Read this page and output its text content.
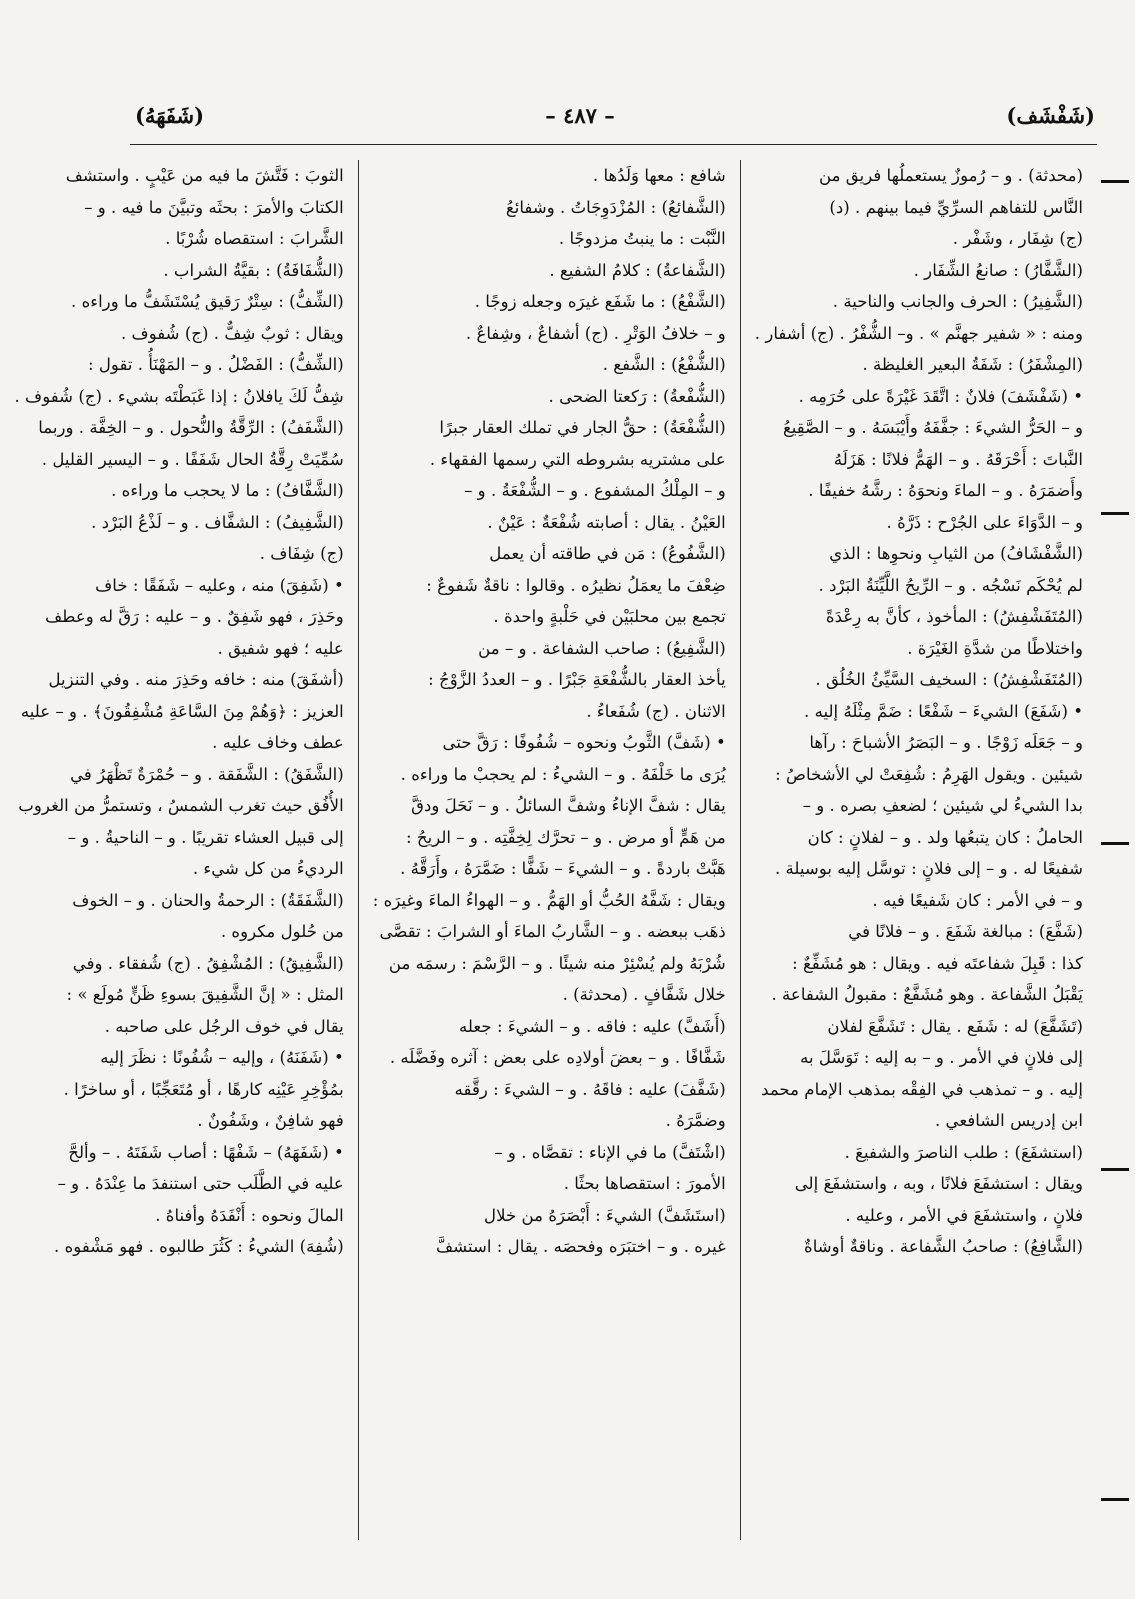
(شَفْشَف)
– ٤٨٧ –
(شَفَهَهُ)
(محدثة) . و – رُموزٌ يستعملُها فريق من
النَّاس للتفاهم السرِّيِّ فيما بينهم . (د)
(ج) شِفَار ، وشَفْر .
(الشَّفَّارُ) : صانعُ الشِّفَار .
(الشَّفِيرُ) : الحرف والجانب والناحية .
ومنه : « شفير جهنَّم » . و– الشُّفْرُ . (ج) أشفار .
(المِشْفَرُ) : شَفَةُ البعير الغليظة .
• (شَفْشَفَ) فلانٌ : اتَّقَدَ غَيْرَةً على حُرَمِه .
و – الحَرُّ الشيءَ : جفَّفَهُ وأَيْبَسَهُ . و – الصَّقِيعُ
النَّباتَ : أَحْرَقَهُ . و – الهَمُّ فلانًا : هَزَلَهُ
وأَضمَرَهُ . و – الماءَ ونحوَهُ : رشَّهُ خفيفًا .
و – الدَّوَاءَ على الجُرْح : ذَرَّهُ .
(الشَّفْشَافُ) من الثيابِ ونحوِها : الذي
لم يُحْكَم نَسْجُه . و – الرِّيحُ اللَّيِّنَةُ البَرْد .
(المُتَفَشْفِشُ) : المأخوذ ، كأنَّ به رِعْدَةً
واختلاطًا من شدَّةِ الغَيْرَة .
(المُتَفَشْفِشُ) : السخيف السَّيِّئُ الخُلُق .
• (شَفَعَ) الشيءَ – شَفْعًا : ضَمَّ مِثْلَهُ إليه .
و – جَعَلَه زَوْجًا . و – البَصَرُ الأشباحَ : رآها
شيئين . ويقول الهَرِمُ : شُفِعَتْ لي الأشخاصُ :
بدا الشيءُ لي شيئين ؛ لضعفِ بصره . و –
الحاملُ : كان يتبعُها ولد . و – لفلانٍ : كان
شفيعًا له . و – إلى فلانٍ : توسَّل إليه بوسيلة .
و – في الأمر : كان شَفيعًا فيه .
(شَفَّعَ) : مبالغة شَفَعَ . و – فلانًا في
كذا : قَبِلَ شفاعتَه فيه . ويقال : هو مُشَفِّعٌ :
يَقْبَلُ الشَّفاعة . وهو مُشَفَّعٌ : مقبولُ الشفاعة .
(تَشَفَّعَ) له : شَفَع . يقال : تَشَفَّعَ لفلان
إلى فلانٍ في الأمر . و – به إليه : تَوَسَّلَ به
إليه . و – تمذهب في الفِقْه بمذهب الإمام محمد
ابن إدريس الشافعي .
(استشفَعَ) : طلب الناصرَ والشفيعَ .
ويقال : استشفَعَ فلانًا ، وبه ، واستشفَعَ إلى
فلانٍ ، واستشفَعَ في الأمر ، وعليه .
(الشَّافِعُ) : صاحبُ الشَّفاعة . وناقةٌ أوشاةٌ
شافع : معها وَلَدُها .
(الشَّفائعُ) : المُزْدَوِجَاتُ . وشفائعُ
النَّبْت : ما ينبتُ مزدوجًا .
(الشَّفاعةُ) : كلامُ الشفيع .
(الشَّفْعُ) : ما شَفَع غيرَه وجعله زوجًا .
و – خلافُ الوَتْرِ . (ج) أشفاعٌ ، وشِفاعٌ .
(الشُّفْعُ) : الشَّفع .
(الشُّفْعةُ) : رَكعتا الضحى .
(الشُّفْعَةُ) : حقُّ الجار في تملك العقار جبرًا
على مشتريه بشروطه التي رسمها الفقهاء .
و – المِلْكُ المشفوع . و – الشُّفْعَةُ . و –
العَيْنُ . يقال : أصابته شُفْعَةٌ : عَيْنٌ .
(الشَّفُوعُ) : مَن في طاقته أن يعمل
ضِعْفَ ما يعمَلُ نظيرُه . وقالوا : ناقةٌ شَفوعٌ :
تجمع بين محلبَيْن في حَلْبةٍ واحدة .
(الشَّفِيعُ) : صاحب الشفاعة . و – من
يأخذ العقار بالشُّفْعَةِ جَبْرًا . و – العددُ الزَّوْجُ :
الاثنان . (ج) شُفَعاءُ .
• (شَفَّ) الثَّوبُ ونحوه – شُفُوفًا : رَقَّ حتى
يُرَى ما خَلْفَهُ . و – الشيءُ : لم يحجبْ ما وراءه .
يقال : شفَّ الإناءُ وشفَّ السائلُ . و – نَحَلَ ودقَّ
من هَمٍّ أو مرض . و – تحرَّك لِخِفَّتِه . و – الريحُ :
هَبَّتْ باردةً . و – الشيءَ – شَفًّا : ضَمَّرَهُ ، وأَرَقَّهُ .
ويقال : شَفَّهُ الحُبُّ أو الهَمُّ . و – الهواءُ الماءَ وغيرَه :
ذهَب ببعضه . و – الشَّاربُ الماءَ أو الشرابَ : تقصَّى
شُرْبَهُ ولم يُسْئِرْ منه شيئًا . و – الرَّسْمَ : رسمَه من
خلال شَفَّافٍ . (محدثة) .
(أَشَفَّ) عليه : فاقه . و – الشيءَ : جعله
شَفَّافًا . و – بعضَ أولادِه على بعض : آثره وفَضَّلَه .
(شَفَّفَ) عليه : فاقَهُ . و – الشيءَ : رقَّقه
وضمَّرَهُ .
(اشْتَفَّ) ما في الإناء : تقصَّاه . و –
الأمورَ : استقصاها بحثًا .
(استَشَفَّ) الشيءَ : أَبْصَرَهُ من خلال
غيره . و – اختبَرَه وفحصَه . يقال : استشفَّ
الثوبَ : فَتَّشَ ما فيه من عَيْبٍ . واستشف
الكتابَ والأمرَ : بحثَه وتبيَّنَ ما فيه . و –
الشَّرابَ : استقصاه شُرْبًا .
(الشُّفَافَةُ) : بقيَّةُ الشراب .
(الشِّفُّ) : سِتْرٌ رَقيق يُسْتَشَفُّ ما وراءه .
ويقال : ثوبٌ شِفٌّ . (ج) شُفوف .
(الشِّفُّ) : الفَضْلُ . و – المَهْنَأُ . تقول :
شِفُّ لَكَ يافلانُ : إذا غَبَطْتَه بشيء . (ج) شُفوف .
(الشَّفَفُ) : الرِّقَّةُ والنُّحول . و – الخِفَّة . وربما
سُمِّيَتْ رِقَّةُ الحال شَفَفًا . و – اليسير القليل .
(الشَّفَّافُ) : ما لا يحجب ما وراءه .
(الشَّفِيفُ) : الشفَّاف . و – لَذْعُ البَرْد .
(ج) شِفَاف .
• (شَفِقَ) منه ، وعليه – شَفَقًا : خاف
وحَذِرَ ، فهو شَفِقٌ . و – عليه : رَقَّ له وعطف
عليه ؛ فهو شفيق .
(أشفَقَ) منه : خافه وحَذِرَ منه . وفي التنزيل
العزيز : ﴿وَهُمْ مِنَ السَّاعَةِ مُشْفِقُونَ﴾ . و – عليه
عطف وخاف عليه .
(الشَّفَقُ) : الشَّفَقة . و – حُمْرَةٌ تَظْهَرُ في
الأُفُق حيث تغرب الشمسُ ، وتستمرُّ من الغروب
إلى قبيل العشاء تقريبًا . و – الناحيةُ . و –
الرديءُ من كل شيء .
(الشَّفَقَةُ) : الرحمةُ والحنان . و – الخوف
من حُلول مكروه .
(الشَّفِيقُ) : المُشْفِقُ . (ج) شُفقاء . وفي
المثل : « إنَّ الشَّفِيقَ بسوءِ ظَنٍّ مُولَع » :
يقال في خوف الرجُل على صاحبه .
• (شَفَنَهُ) ، وإليه – شُفُونًا : نظَرَ إليه
بمُؤْخِرِ عَيْنِه كارهًا ، أو مُتَعَجِّبًا ، أو ساخرًا .
فهو شافِنٌ ، وشَفُونٌ .
• (شَفَهَهُ) – شَفْهًا : أصاب شَفَتَهُ . – وألحَّ
عليه في الطَّلَب حتى استنفدَ ما عِنْدَهُ . و –
المالَ ونحوه : أَنْفَدَهُ وأفناهُ .
(شُفِهَ) الشيءُ : كَثُرَ طالبوه . فهو مَشْفوه .
